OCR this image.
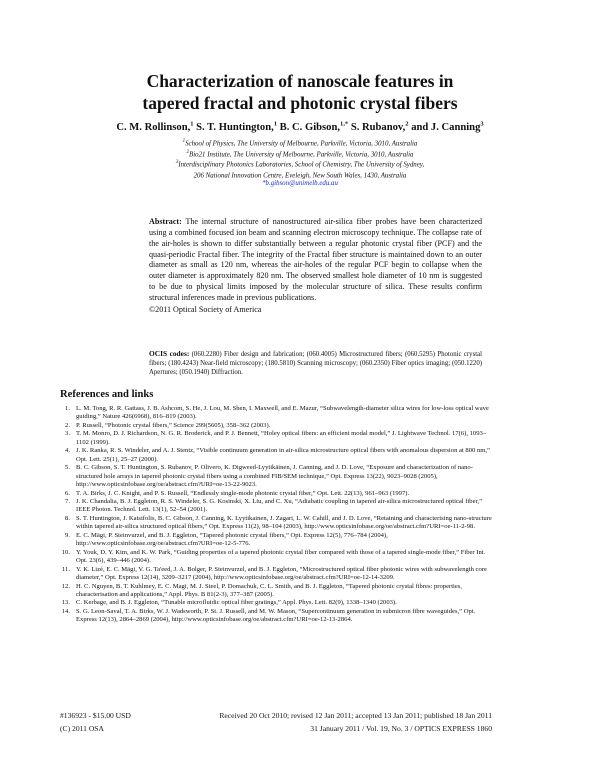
Characterization of nanoscale features in
tapered fractal and photonic crystal fibers
C. M. Rollinson,$^1$ S. T. Huntington,$^1$ B. C. Gibson,$^{1,*}$ S. Rubanov,$^2$ and J. Canning$^3$
$^1$School of Physics, The University of Melbourne, Parkville, Victoria, 3010, Australia
$^2$Bio21 Institute, The University of Melbourne, Parkville, Victoria, 3010, Australia
$^3$Interdisciplinary Photonics Laboratories, School of Chemistry, The University of Sydney,
206 National Innovation Centre, Eveleigh, New South Wales, 1430, Australia
*b.gibson@unimelb.edu.au
Abstract: The internal structure of nanostructured air-silica fiber probes have been characterized using a combined focused ion beam and scanning electron microscopy technique. The collapse rate of the air-holes is shown to differ substantially between a regular photonic crystal fiber (PCF) and the quasi-periodic Fractal fiber. The integrity of the Fractal fiber structure is maintained down to an outer diameter as small as 120 nm, whereas the air-holes of the regular PCF begin to collapse when the outer diameter is approximately 820 nm. The observed smallest hole diameter of 10 nm is suggested to be due to physical limits imposed by the molecular structure of silica. These results confirm structural inferences made in previous publications.
©2011 Optical Society of America
OCIS codes: (060.2280) Fiber design and fabrication; (060.4005) Microstructured fibers; (060.5295) Photonic crystal fibers; (180.4243) Near-field microscopy; (180.5810) Scanning microscopy; (060.2350) Fiber optics imaging; (050.1220) Apertures; (050.1940) Diffraction.
References and links
1. L. M. Tong, R. R. Gattass, J. B. Ashcom, S. He, J. Lou, M. Shen, I. Maxwell, and E. Mazur, “Subwavelength-diameter silica wires for low-loss optical wave guiding,” Nature 426(6968), 816–819 (2003).
2. P. Russell, “Photonic crystal fibers,” Science 299(5605), 358–362 (2003).
3. T. M. Monro, D. J. Richardson, N. G. R. Broderick, and P. J. Bennett, “Holey optical fibers: an efficient modal model,” J. Lightwave Technol. 17(6), 1093–1102 (1999).
4. J. K. Ranka, R. S. Windeler, and A. J. Stentz, “Visible continuum generation in air-silica microstructure optical fibers with anomalous dispersion at 800 nm,” Opt. Lett. 25(1), 25–27 (2000).
5. B. C. Gibson, S. T. Huntington, S. Rubanov, P. Olivero, K. Digweed-Lyytikäinen, J. Canning, and J. D. Love, “Exposure and characterization of nano-structured hole arrays in tapered photonic crystal fibers using a combined FIB/SEM technique,” Opt. Express 13(22), 9023–9028 (2005), http://www.opticsinfobase.org/oe/abstract.cfm?URI=oe-13-22-9023.
6. T. A. Birks, J. C. Knight, and P. S. Russell, “Endlessly single-mode photonic crystal fiber,” Opt. Lett. 22(13), 961–963 (1997).
7. J. K. Chandalia, B. J. Eggleton, R. S. Windeler, S. G. Kosinski, X. Liu, and C. Xu, “Adiabatic coupling in tapered air-silica microstructured optical fiber,” IEEE Photon. Technol. Lett. 13(1), 52–54 (2001).
8. S. T. Huntington, J. Katsifolis, B. C. Gibson, J. Canning, K. Lyytikainen, J. Zagari, L. W. Cahill, and J. D. Love, “Retaining and characterising nano-structure within tapered air-silica structured optical fibers,” Opt. Express 11(2), 98–104 (2003), http://www.opticsinfobase.org/oe/abstract.cfm?URI=oe-11-2-98.
9. E. C. Mägi, P. Steinvurzel, and B. J. Eggleton, “Tapered photonic crystal fibers,” Opt. Express 12(5), 776–784 (2004), http://www.opticsinfobase.org/oe/abstract.cfm?URI=oe-12-5-776.
10. Y. Youk, D. Y. Kim, and K. W. Park, “Guiding properties of a tapered photonic crystal fiber compared with those of a tapered single-mode fiber,” Fiber Int. Opt. 23(6), 439–446 (2004).
11. Y. K. Lizé, E. C. Mägi, V. G. Ta'eed, J. A. Bolger, P. Steinvurzel, and B. J. Eggleton, “Microstructured optical fiber photonic wires with subwavelength core diameter,” Opt. Express 12(14), 3209–3217 (2004), http://www.opticsinfobase.org/oe/abstract.cfm?URI=oe-12-14-3209.
12. H. C. Nguyen, B. T. Kuhlmey, E. C. Magi, M. J. Steel, P. Domachuk, C. L. Smith, and B. J. Eggleton, “Tapered photonic crystal fibres: properties, characterisation and applications,” Appl. Phys. B 81(2-3), 377–387 (2005).
13. C. Kerbage, and B. J. Eggleton, “Tunable microfluidic optical fiber gratings,” Appl. Phys. Lett. 82(9), 1338–1340 (2003).
14. S. G. Leon-Saval, T. A. Birks, W. J. Wadsworth, P. St. J. Russell, and M. W. Mason, “Supercontinuum generation in submicron fibre waveguides,” Opt. Express 12(13), 2864–2869 (2004), http://www.opticsinfobase.org/oe/abstract.cfm?URI=oe-12-13-2864.
#136923 - $15.00 USD	Received 20 Oct 2010; revised 12 Jan 2011; accepted 13 Jan 2011; published 18 Jan 2011
(C) 2011 OSA	31 January 2011 / Vol. 19, No. 3 / OPTICS EXPRESS 1860
